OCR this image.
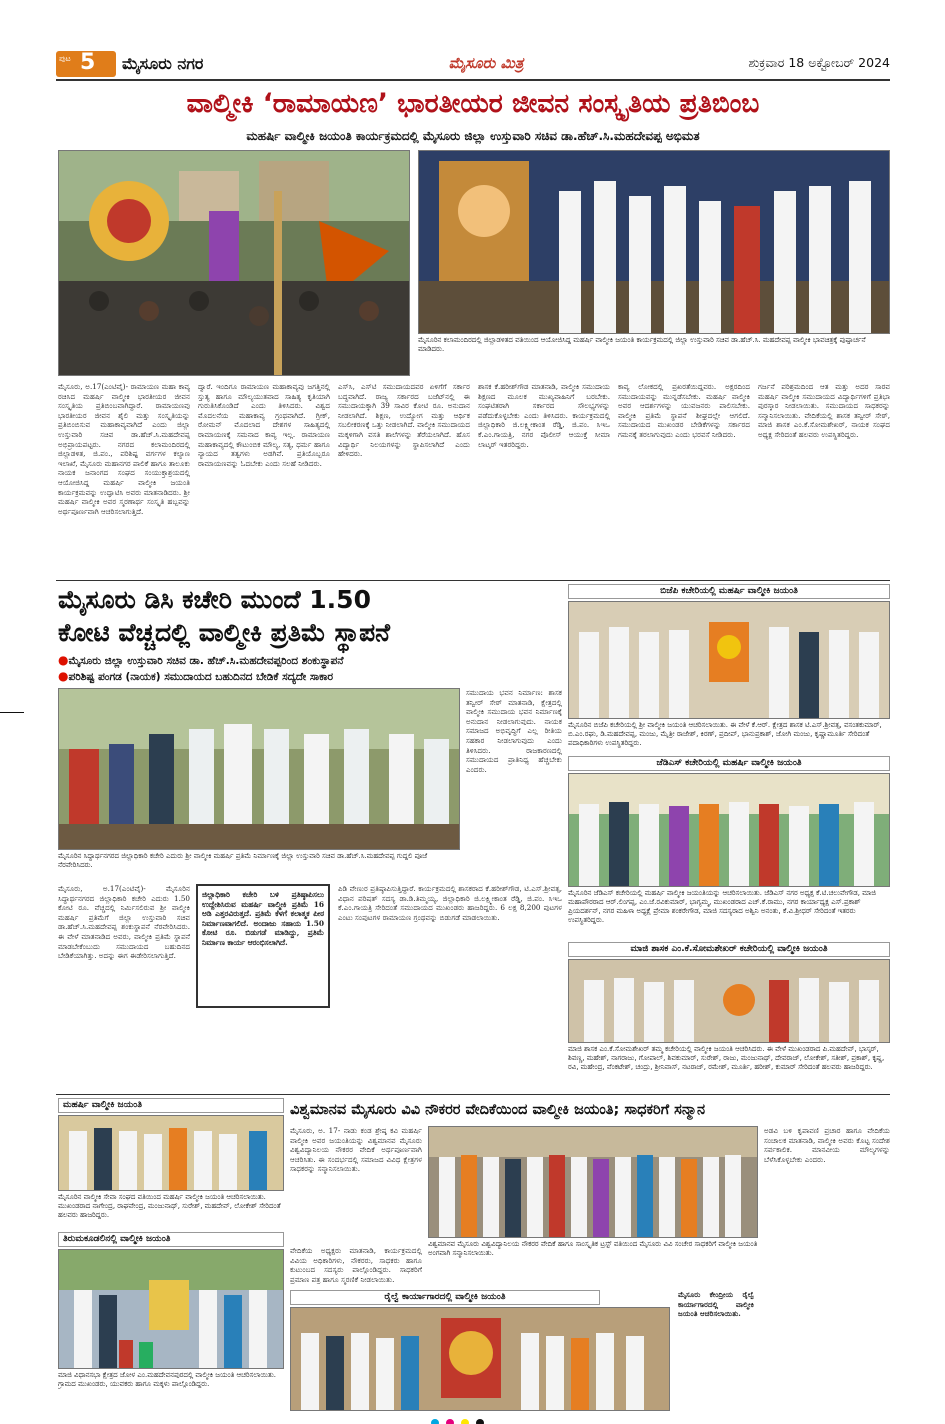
ಪುಟ 5 ಮೈಸೂರು ನಗರ	ಮೈಸೂರು ಮಿತ್ರ	ಶುಕ್ರವಾರ 18 ಅಕ್ಟೋಬರ್ 2024
ವಾಲ್ಮೀಕಿ ‘ರಾಮಾಯಣ’ ಭಾರತೀಯರ ಜೀವನ ಸಂಸ್ಕೃತಿಯ ಪ್ರತಿಬಿಂಬ
ಮಹರ್ಷಿ ವಾಲ್ಮೀಕಿ ಜಯಂತಿ ಕಾರ್ಯಕ್ರಮದಲ್ಲಿ ಮೈಸೂರು ಜಿಲ್ಲಾ ಉಸ್ತುವಾರಿ ಸಚಿವ ಡಾ.ಹೆಚ್.ಸಿ.ಮಹದೇವಪ್ಪ ಅಭಿಮತ
ಮೈಸೂರಿನ ಕಲಾಮಂದಿರದಲ್ಲಿ ಜಿಲ್ಲಾಡಳಿತದ ವತಿಯಿಂದ ಆಯೋಜಿಸಿದ್ದ ಮಹರ್ಷಿ ವಾಲ್ಮೀಕಿ ಜಯಂತಿ ಕಾರ್ಯಕ್ರಮದಲ್ಲಿ ಜಿಲ್ಲಾ ಉಸ್ತುವಾರಿ ಸಚಿವ ಡಾ.ಹೆಚ್.ಸಿ. ಮಹದೇವಪ್ಪ ವಾಲ್ಮೀಕಿ ಭಾವಚಿತ್ರಕ್ಕೆ ಪುಷ್ಪಾರ್ಚನೆ ಮಾಡಿದರು.
ಮೈಸೂರು, ಅ.17(ಎಂಟಿವೈ)- ರಾಮಾಯಣ ಮಹಾ ಕಾವ್ಯ ರಚಿಸಿದ ಮಹರ್ಷಿ ವಾಲ್ಮೀಕಿ ಭಾರತೀಯರ ಜೀವನ ಸಂಸ್ಕೃತಿಯ ಪ್ರತಿಬಿಂಬವಾಗಿದ್ದಾರೆ. ರಾಮಾಯಣವು ಭಾರತೀಯರ ಜೀವನ ಶೈಲಿ ಮತ್ತು ಸಂಸ್ಕೃತಿಯನ್ನು ಪ್ರತಿಬಿಂಬಿಸುವ ಮಹಾಕಾವ್ಯವಾಗಿದೆ ಎಂದು ಜಿಲ್ಲಾ ಉಸ್ತುವಾರಿ ಸಚಿವ ಡಾ.ಹೆಚ್.ಸಿ.ಮಹದೇವಪ್ಪ ಅಭಿಪ್ರಾಯಪಟ್ಟರು. ನಗರದ ಕಲಾಮಂದಿರದಲ್ಲಿ ಜಿಲ್ಲಾಡಳಿತ, ಜಿ.ಪಂ., ಪರಿಶಿಷ್ಟ ವರ್ಗಗಳ ಕಲ್ಯಾಣ ಇಲಾಖೆ, ಮೈಸೂರು ಮಹಾನಗರ ಪಾಲಿಕೆ ಹಾಗೂ ತಾಲೂಕು ನಾಯಕ ಜನಾಂಗದ ಸಂಘದ ಸಂಯುಕ್ತಾಶ್ರಯದಲ್ಲಿ ಆಯೋಜಿಸಿದ್ದ ಮಹರ್ಷಿ ವಾಲ್ಮೀಕಿ ಜಯಂತಿ ಕಾರ್ಯಕ್ರಮವನ್ನು ಉದ್ಘಾಟಿಸಿ ಅವರು ಮಾತನಾಡಿದರು. ಶ್ರೀ ಮಹರ್ಷಿ ವಾಲ್ಮೀಕಿ ಅವರ ಸ್ಮರಣಾರ್ಥ ಸಂಸ್ಕೃತಿ ಹಬ್ಬವನ್ನು ಅರ್ಥಪೂರ್ಣವಾಗಿ ಆಚರಿಸಲಾಗುತ್ತಿದೆ.
ದ್ವಾರೆ. ಇಂದಿಗೂ ರಾಮಾಯಣ ಮಹಾಕಾವ್ಯವು ಜಗತ್ತಿನಲ್ಲಿ ಸ್ತುತ್ಯ ಹಾಗೂ ಮೌಲ್ಯಯುತವಾದ ಸಾಹಿತ್ಯ ಕೃತಿಯಾಗಿ ಗುರುತಿಸಿಕೊಂಡಿದೆ ಎಂದು ತಿಳಿಸಿದರು. ವಿಶ್ವದ ಮೊದಲನೆಯ ಮಹಾಕಾವ್ಯ ಗ್ರಂಥವಾಗಿದೆ. ಗ್ರೀಕ್, ರೋಮನ್ ಮೊದಲಾದ ದೇಶಗಳ ಸಾಹಿತ್ಯದಲ್ಲಿ ರಾಮಾಯಣಕ್ಕೆ ಸಮನಾದ ಕಾವ್ಯ ಇಲ್ಲ. ರಾಮಾಯಣ ಮಹಾಕಾವ್ಯದಲ್ಲಿ ಕೌಟುಂಬಿಕ ಮೌಲ್ಯ, ಸತ್ಯ, ಧರ್ಮ ಹಾಗೂ ನ್ಯಾಯದ ತತ್ವಗಳು ಅಡಗಿವೆ. ಪ್ರತಿಯೊಬ್ಬರೂ ರಾಮಾಯಣವನ್ನು ಓದಬೇಕು ಎಂದು ಸಲಹೆ ನೀಡಿದರು.
ಎಸ್‌ಸಿ, ಎಸ್‌ಟಿ ಸಮುದಾಯದವರ ಏಳಿಗೆಗೆ ಸರ್ಕಾರ ಬದ್ಧವಾಗಿದೆ. ರಾಜ್ಯ ಸರ್ಕಾರದ ಬಜೆಟ್‌ನಲ್ಲಿ ಈ ಸಮುದಾಯಕ್ಕಾಗಿ 39 ಸಾವಿರ ಕೋಟಿ ರೂ. ಅನುದಾನ ನೀಡಲಾಗಿದೆ. ಶಿಕ್ಷಣ, ಉದ್ಯೋಗ ಮತ್ತು ಆರ್ಥಿಕ ಸಬಲೀಕರಣಕ್ಕೆ ಒತ್ತು ನೀಡಲಾಗಿದೆ. ವಾಲ್ಮೀಕಿ ಸಮುದಾಯದ ಮಕ್ಕಳಿಗಾಗಿ ವಸತಿ ಶಾಲೆಗಳನ್ನು ತೆರೆಯಲಾಗಿದೆ. ಹೊಸ ವಿದ್ಯಾರ್ಥಿ ನಿಲಯಗಳನ್ನು ಸ್ಥಾಪಿಸಲಾಗಿದೆ ಎಂದು ಹೇಳಿದರು.
ಶಾಸಕ ಕೆ.ಹರೀಶ್‌ಗೌಡ ಮಾತನಾಡಿ, ವಾಲ್ಮೀಕಿ ಸಮುದಾಯ ಶಿಕ್ಷಣದ ಮೂಲಕ ಮುಖ್ಯವಾಹಿನಿಗೆ ಬರಬೇಕು. ಸಂಘಟಿತರಾಗಿ ಸರ್ಕಾರದ ಸೌಲಭ್ಯಗಳನ್ನು ಪಡೆದುಕೊಳ್ಳಬೇಕು ಎಂದು ತಿಳಿಸಿದರು. ಕಾರ್ಯಕ್ರಮದಲ್ಲಿ ಜಿಲ್ಲಾಧಿಕಾರಿ ಜಿ.ಲಕ್ಷ್ಮೀಕಾಂತ ರೆಡ್ಡಿ, ಜಿ.ಪಂ. ಸಿಇಒ ಕೆ.ಎಂ.ಗಾಯತ್ರಿ, ನಗರ ಪೊಲೀಸ್ ಆಯುಕ್ತೆ ಸೀಮಾ ಲಾಟ್ಕರ್ ಇತರರಿದ್ದರು.
ಕಾವ್ಯ ಲೋಕದಲ್ಲಿ ಪ್ರಖರತೆಯಿದ್ದವರು. ಅಕ್ಷರದಿಂದ ಸಮುದಾಯವನ್ನು ಮುನ್ನಡೆಸಬೇಕು. ಮಹರ್ಷಿ ವಾಲ್ಮೀಕಿ ಅವರ ಆದರ್ಶಗಳನ್ನು ಯುವಜನರು ಪಾಲಿಸಬೇಕು. ವಾಲ್ಮೀಕಿ ಪ್ರತಿಮೆ ಸ್ಥಾಪನೆ ಶೀಘ್ರದಲ್ಲೇ ಆಗಲಿದೆ. ಸಮುದಾಯದ ಮುಖಂಡರ ಬೇಡಿಕೆಗಳನ್ನು ಸರ್ಕಾರದ ಗಮನಕ್ಕೆ ತರಲಾಗುವುದು ಎಂದು ಭರವಸೆ ನೀಡಿದರು.
ಗರ್ಜನೆ ಪರಿಶ್ರಮದಿಂದ ಆತ ಮತ್ತು ಅದರ ಸಾರವ ಮಹರ್ಷಿ ವಾಲ್ಮೀಕಿ ಸಮುದಾಯದ ವಿದ್ಯಾರ್ಥಿಗಳಿಗೆ ಪ್ರತಿಭಾ ಪುರಸ್ಕಾರ ನೀಡಲಾಯಿತು. ಸಮುದಾಯದ ಸಾಧಕರನ್ನು ಸನ್ಮಾನಿಸಲಾಯಿತು. ವೇದಿಕೆಯಲ್ಲಿ ಶಾಸಕ ತನ್ವೀರ್ ಸೇಠ್, ಮಾಜಿ ಶಾಸಕ ಎಂ.ಕೆ.ಸೋಮಶೇಖರ್, ನಾಯಕ ಸಂಘದ ಅಧ್ಯಕ್ಷ ಸೇರಿದಂತೆ ಹಲವರು ಉಪಸ್ಥಿತರಿದ್ದರು.
ಮೈಸೂರು ಡಿಸಿ ಕಚೇರಿ ಮುಂದೆ 1.50
ಕೋಟಿ ವೆಚ್ಚದಲ್ಲಿ ವಾಲ್ಮೀಕಿ ಪ್ರತಿಮೆ ಸ್ಥಾಪನೆ
●ಮೈಸೂರು ಜಿಲ್ಲಾ ಉಸ್ತುವಾರಿ ಸಚಿವ ಡಾ. ಹೆಚ್.ಸಿ.ಮಹದೇವಪ್ಪರಿಂದ ಶಂಕುಸ್ಥಾಪನೆ
●ಪರಿಶಿಷ್ಟ ಪಂಗಡ (ನಾಯಕ) ಸಮುದಾಯದ ಬಹುದಿನದ ಬೇಡಿಕೆ ಸದ್ಯದೇ ಸಾಕಾರ
ಮೈಸೂರಿನ ಸಿದ್ಧಾರ್ಥನಗರದ ಜಿಲ್ಲಾಧಿಕಾರಿ ಕಚೇರಿ ಎದುರು ಶ್ರೀ ವಾಲ್ಮೀಕಿ ಮಹರ್ಷಿ ಪ್ರತಿಮೆ ನಿರ್ಮಾಣಕ್ಕೆ ಜಿಲ್ಲಾ ಉಸ್ತುವಾರಿ ಸಚಿವ ಡಾ.ಹೆಚ್.ಸಿ.ಮಹದೇವಪ್ಪ ಗುದ್ದಲಿ ಪೂಜೆ ನೆರವೇರಿಸಿದರು.
ಸಮುದಾಯ ಭವನ ನಿರ್ಮಾಣ: ಶಾಸಕ ತನ್ವೀರ್ ಸೇಠ್ ಮಾತನಾಡಿ, ಕ್ಷೇತ್ರದಲ್ಲಿ ವಾಲ್ಮೀಕಿ ಸಮುದಾಯ ಭವನ ನಿರ್ಮಾಣಕ್ಕೆ ಅನುದಾನ ನೀಡಲಾಗುವುದು. ನಾಯಕ ಸಮಾಜದ ಅಭಿವೃದ್ಧಿಗೆ ಎಲ್ಲ ರೀತಿಯ ಸಹಕಾರ ನೀಡಲಾಗುವುದು ಎಂದು ತಿಳಿಸಿದರು. ರಾಜಕಾರಣದಲ್ಲಿ ಸಮುದಾಯದ ಪ್ರಾತಿನಿಧ್ಯ ಹೆಚ್ಚಬೇಕು ಎಂದರು.
ಮೈಸೂರು, ಅ.17(ಎಂಟಿವೈ)- ಮೈಸೂರಿನ ಸಿದ್ಧಾರ್ಥನಗರದ ಜಿಲ್ಲಾಧಿಕಾರಿ ಕಚೇರಿ ಎದುರು 1.50 ಕೋಟಿ ರೂ. ವೆಚ್ಚದಲ್ಲಿ ನಿರ್ಮಿಸಲಿರುವ ಶ್ರೀ ವಾಲ್ಮೀಕಿ ಮಹರ್ಷಿ ಪ್ರತಿಮೆಗೆ ಜಿಲ್ಲಾ ಉಸ್ತುವಾರಿ ಸಚಿವ ಡಾ.ಹೆಚ್.ಸಿ.ಮಹದೇವಪ್ಪ ಶಂಕುಸ್ಥಾಪನೆ ನೆರವೇರಿಸಿದರು. ಈ ವೇಳೆ ಮಾತನಾಡಿದ ಅವರು, ವಾಲ್ಮೀಕಿ ಪ್ರತಿಮೆ ಸ್ಥಾಪನೆ ಮಾಡಬೇಕೆಂಬುದು ಸಮುದಾಯದ ಬಹುದಿನದ ಬೇಡಿಕೆಯಾಗಿತ್ತು. ಅದನ್ನು ಈಗ ಈಡೇರಿಸಲಾಗುತ್ತಿದೆ.
ಜಿಲ್ಲಾಧಿಕಾರಿ ಕಚೇರಿ ಬಳಿ ಪ್ರತಿಷ್ಠಾಪಿಸಲು ಉದ್ದೇಶಿಸಿರುವ ಮಹರ್ಷಿ ವಾಲ್ಮೀಕಿ ಪ್ರತಿಮೆ 16 ಅಡಿ ಎತ್ತರವಿರುತ್ತದೆ. ಪ್ರತಿಮೆ ಕೆಳಗೆ ಕಲಾತ್ಮಕ ಪೀಠ ನಿರ್ಮಾಣವಾಗಲಿದೆ. ಅಂದಾಜು ಸಹಾಯ 1.50 ಕೋಟಿ ರೂ. ಬಿಡುಗಡೆ ಮಾಡಿದ್ದು, ಪ್ರತಿಮೆ ನಿರ್ಮಾಣ ಕಾರ್ಯ ಆರಂಭಿಸಲಾಗಿದೆ.
ಪಿಡಿ ವೇಣುರ ಪ್ರತಿಷ್ಠಾಪಿಸುತ್ತಿದ್ದಾರೆ. ಕಾರ್ಯಕ್ರಮದಲ್ಲಿ ಶಾಸಕರಾದ ಕೆ.ಹರೀಶ್‌ಗೌಡ, ಟಿ.ಎಸ್.ಶ್ರೀವತ್ಸ, ವಿಧಾನ ಪರಿಷತ್ ಸದಸ್ಯ ಡಾ.ಡಿ.ತಿಮ್ಮಯ್ಯ, ಜಿಲ್ಲಾಧಿಕಾರಿ ಜಿ.ಲಕ್ಷ್ಮೀಕಾಂತ ರೆಡ್ಡಿ, ಜಿ.ಪಂ. ಸಿಇಒ ಕೆ.ಎಂ.ಗಾಯತ್ರಿ ಸೇರಿದಂತೆ ಸಮುದಾಯದ ಮುಖಂಡರು ಹಾಜರಿದ್ದರು. 6 ಲಕ್ಷ 8,200 ಪುಟಗಳ ಎಂಟು ಸಂಪುಟಗಳ ರಾಮಾಯಣ ಗ್ರಂಥವನ್ನು ಬಿಡುಗಡೆ ಮಾಡಲಾಯಿತು.
ಬಿಜೆಪಿ ಕಚೇರಿಯಲ್ಲಿ ಮಹರ್ಷಿ ವಾಲ್ಮೀಕಿ ಜಯಂತಿ
ಮೈಸೂರಿನ ಬಿಜೆಪಿ ಕಚೇರಿಯಲ್ಲಿ ಶ್ರೀ ವಾಲ್ಮೀಕಿ ಜಯಂತಿ ಆಚರಿಸಲಾಯಿತು. ಈ ವೇಳೆ ಕೆ.ಆರ್. ಕ್ಷೇತ್ರದ ಶಾಸಕ ಟಿ.ಎಸ್.ಶ್ರೀವತ್ಸ, ವಸಂತಕುಮಾರ್, ಬಿ.ಎಂ.ರಘು, ಡಿ.ಮಹದೇವಪ್ಪ, ಮಂಜು, ಮೈತ್ರೀ ರಾಜೇಶ್, ಕಿರಣ್, ಪ್ರದೀಪ್, ಭಾನುಪ್ರಕಾಶ್, ಜೋಗಿ ಮಂಜು, ಕೃಷ್ಣಾಮೂರ್ತಿ ಸೇರಿದಂತೆ ಪದಾಧಿಕಾರಿಗಳು ಉಪಸ್ಥಿತರಿದ್ದರು.
ಜೆಡಿಎಸ್ ಕಚೇರಿಯಲ್ಲಿ ಮಹರ್ಷಿ ವಾಲ್ಮೀಕಿ ಜಯಂತಿ
ಮೈಸೂರಿನ ಜೆಡಿಎಸ್ ಕಚೇರಿಯಲ್ಲಿ ಮಹರ್ಷಿ ವಾಲ್ಮೀಕಿ ಜಯಂತಿಯನ್ನು ಆಚರಿಸಲಾಯಿತು. ಜೆಡಿಎಸ್ ನಗರ ಅಧ್ಯಕ್ಷ ಕೆ.ಟಿ.ಚಲುವೇಗೌಡ, ಮಾಜಿ ಮಹಾಪೌರರಾದ ಆರ್.ಲಿಂಗಪ್ಪ, ಎಂ.ಜೆ.ರವಿಕುಮಾರ್, ಭಾಗ್ಯಮ್ಮ, ಮುಖಂಡರಾದ ಎಚ್.ಕೆ.ರಾಮು, ನಗರ ಕಾರ್ಯಾಧ್ಯಕ್ಷ ಎಸ್.ಪ್ರಕಾಶ್ ಪ್ರಿಯದರ್ಶನ್, ನಗರ ಮಹಿಳಾ ಅಧ್ಯಕ್ಷೆ ಪ್ರೇಮಾ ಶಂಕರೇಗೌಡ, ಮಾಜಿ ಸದಸ್ಯರಾದ ಅಶ್ವಿನಿ ಅನಂತು, ಕೆ.ವಿ.ಶ್ರೀಧರ್ ಸೇರಿದಂತೆ ಇತರರು ಉಪಸ್ಥಿತರಿದ್ದರು.
ಮಾಜಿ ಶಾಸಕ ಎಂ.ಕೆ.ಸೋಮಶೇಖರ್ ಕಚೇರಿಯಲ್ಲಿ ವಾಲ್ಮೀಕಿ ಜಯಂತಿ
ಮಾಜಿ ಶಾಸಕ ಎಂ.ಕೆ.ಸೋಮಶೇಖರ್ ತಮ್ಮ ಕಚೇರಿಯಲ್ಲಿ ವಾಲ್ಮೀಕಿ ಜಯಂತಿ ಆಚರಿಸಿದರು. ಈ ವೇಳೆ ಮುಖಂಡರಾದ ಪಿ.ಮಹದೇವ್, ಭಾಸ್ಕರ್, ಶಿವಣ್ಣ, ಮಹೇಶ್, ನಾಗರಾಜು, ಗೋಪಾಲ್, ಶಿವಕುಮಾರ್, ಸುರೇಶ್, ರಾಜು, ಮಂಜುನಾಥ್, ದೇವರಾಜ್, ಲೋಕೇಶ್, ಸತೀಶ್, ಪ್ರಕಾಶ್, ಕೃಷ್ಣ, ರವಿ, ಮಹೇಂದ್ರ, ವೆಂಕಟೇಶ್, ಚಂದ್ರು, ಶ್ರೀನಿವಾಸ್, ನಟರಾಜ್, ರಮೇಶ್, ಮೂರ್ತಿ, ಹರೀಶ್, ಕುಮಾರ್ ಸೇರಿದಂತೆ ಹಲವರು ಹಾಜರಿದ್ದರು.
ಮಹರ್ಷಿ ವಾಲ್ಮೀಕಿ ಜಯಂತಿ
ಮೈಸೂರಿನ ವಾಲ್ಮೀಕಿ ಸೇವಾ ಸಂಘದ ವತಿಯಿಂದ ಮಹರ್ಷಿ ವಾಲ್ಮೀಕಿ ಜಯಂತಿ ಆಚರಿಸಲಾಯಿತು. ಮುಖಂಡರಾದ ನಾಗೇಂದ್ರ, ರಾಘವೇಂದ್ರ, ಮಂಜುನಾಥ್, ಸುರೇಶ್, ಮಹದೇವ್, ಲೋಕೇಶ್ ಸೇರಿದಂತೆ ಹಲವರು ಹಾಜರಿದ್ದರು.
ತಿರುಮಕೂಡಲಿನಲ್ಲಿ ವಾಲ್ಮೀಕಿ ಜಯಂತಿ
ಮಾಜಿ ವಿಧಾನಸಭಾ ಕ್ಷೇತ್ರದ ಜೋಳ ಎಂ.ಮಹದೇವನಪುರದಲ್ಲಿ ವಾಲ್ಮೀಕಿ ಜಯಂತಿ ಆಚರಿಸಲಾಯಿತು. ಗ್ರಾಮದ ಮುಖಂಡರು, ಯುವಕರು ಹಾಗೂ ಮಕ್ಕಳು ಪಾಲ್ಗೊಂಡಿದ್ದರು.
ವಿಶ್ವಮಾನವ ಮೈಸೂರು ವಿವಿ ನೌಕರರ ವೇದಿಕೆಯಿಂದ ವಾಲ್ಮೀಕಿ ಜಯಂತಿ; ಸಾಧಕರಿಗೆ ಸನ್ಮಾನ
ಮೈಸೂರು, ಅ. 17- ನಾಡು ಕಂಡ ಶ್ರೇಷ್ಠ ಕವಿ ಮಹರ್ಷಿ ವಾಲ್ಮೀಕಿ ಅವರ ಜಯಂತಿಯನ್ನು ವಿಶ್ವಮಾನವ ಮೈಸೂರು ವಿಶ್ವವಿದ್ಯಾನಿಲಯ ನೌಕರರ ವೇದಿಕೆ ಅರ್ಥಪೂರ್ಣವಾಗಿ ಆಚರಿಸಿತು. ಈ ಸಂದರ್ಭದಲ್ಲಿ ಸಮಾಜದ ವಿವಿಧ ಕ್ಷೇತ್ರಗಳ ಸಾಧಕರನ್ನು ಸನ್ಮಾನಿಸಲಾಯಿತು.
ವಿಶ್ವಮಾನವ ಮೈಸೂರು ವಿಶ್ವವಿದ್ಯಾನಿಲಯ ನೌಕರರ ವೇದಿಕೆ ಹಾಗೂ ಸಾಂಸ್ಕೃತಿಕ ಟ್ರಸ್ಟ್ ವತಿಯಿಂದ ಮೈಸೂರು ವಿವಿ ಸಂಚೇರ ಸಾಧಕರಿಗೆ ವಾಲ್ಮೀಕಿ ಜಯಂತಿ ಅಂಗವಾಗಿ ಸನ್ಮಾನಿಸಲಾಯಿತು.
ಅಡವಿ ಬಳಿ ಕೃಪಾವಣಿ ಪ್ರಚಾರ ಹಾಗೂ ವೇದಿಕೆಯ ಸಂಚಾಲಕ ಮಾತನಾಡಿ, ವಾಲ್ಮೀಕಿ ಅವರು ಕೊಟ್ಟ ಸಂದೇಶ ಸರ್ವಕಾಲಿಕ. ಮಾನವೀಯ ಮೌಲ್ಯಗಳನ್ನು ಬೆಳೆಸಿಕೊಳ್ಳಬೇಕು ಎಂದರು.
ವೇದಿಕೆಯ ಅಧ್ಯಕ್ಷರು ಮಾತನಾಡಿ, ಕಾರ್ಯಕ್ರಮದಲ್ಲಿ ವಿವಿಯ ಅಧಿಕಾರಿಗಳು, ನೌಕರರು, ಸಾಧಕರು ಹಾಗೂ ಕುಟುಂಬದ ಸದಸ್ಯರು ಪಾಲ್ಗೊಂಡಿದ್ದರು. ಸಾಧಕರಿಗೆ ಪ್ರಮಾಣ ಪತ್ರ ಹಾಗೂ ಸ್ಮರಣಿಕೆ ನೀಡಲಾಯಿತು.
ರೈಲ್ವೆ ಕಾರ್ಯಾಗಾರದಲ್ಲಿ ವಾಲ್ಮೀಕಿ ಜಯಂತಿ	ಮೈಸೂರು ಕೇಂದ್ರೀಯ ರೈಲ್ವೆ ಕಾರ್ಯಾಗಾರದಲ್ಲಿ ವಾಲ್ಮೀಕಿ ಜಯಂತಿ ಆಚರಿಸಲಾಯಿತು.
